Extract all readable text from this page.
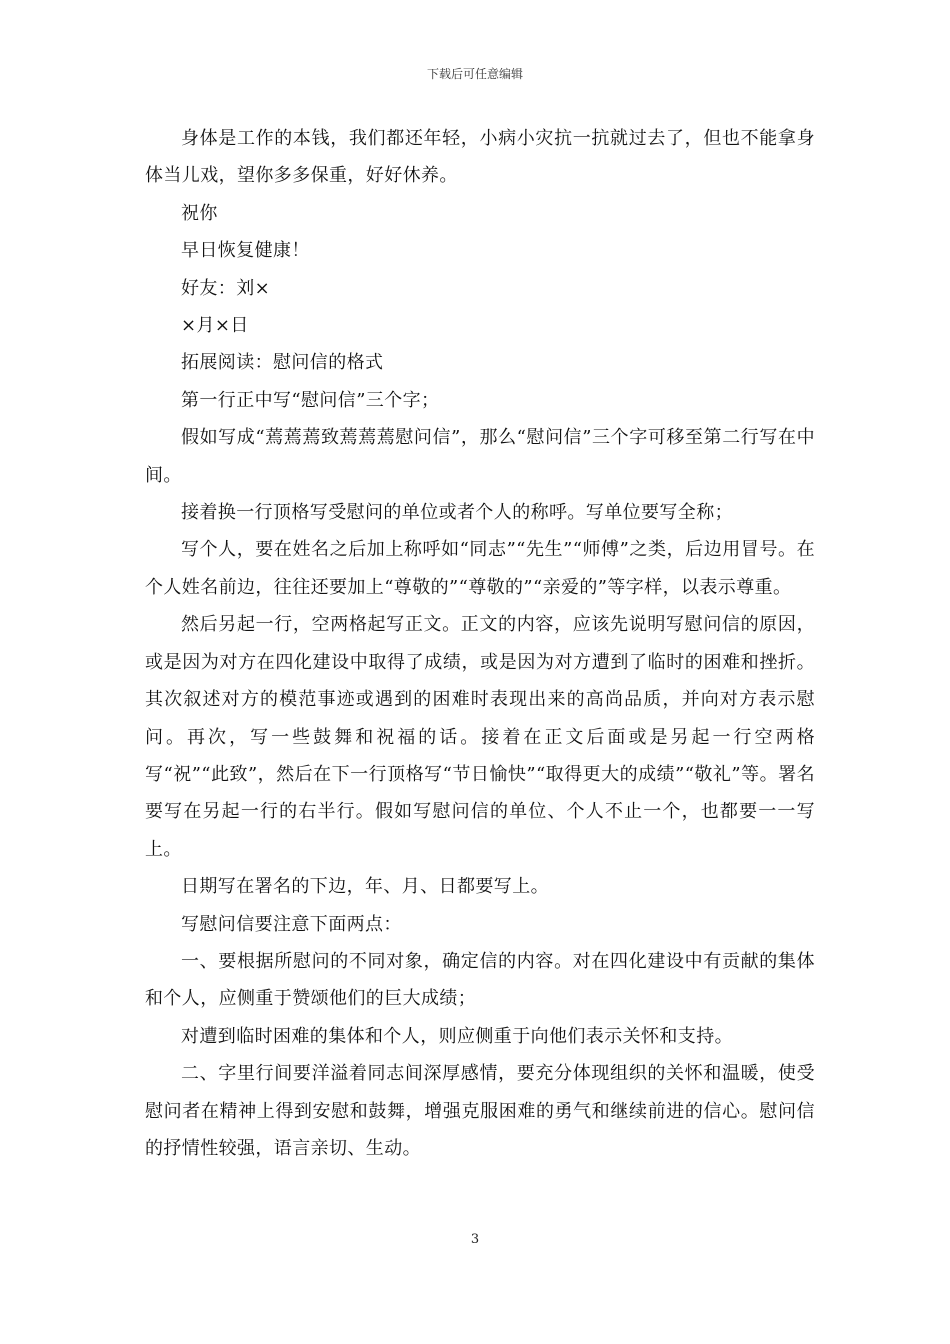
下载后可任意编辑

身体是工作的本钱，我们都还年轻，小病小灾抗一抗就过去了，但也不能拿身体当儿戏，望你多多保重，好好休养。

祝你

早日恢复健康！

好友：刘×

×月×日

拓展阅读：慰问信的格式

第一行正中写“慰问信”三个字；

假如写成“蔫蔫蔫致蔫蔫蔫慰问信”，那么“慰问信”三个字可移至第二行写在中间。

接着换一行顶格写受慰问的单位或者个人的称呼。写单位要写全称；

写个人，要在姓名之后加上称呼如“同志”“先生”“师傅”之类，后边用冒号。在个人姓名前边，往往还要加上“尊敬的”“尊敬的”“亲爱的”等字样，以表示尊重。

然后另起一行，空两格起写正文。正文的内容，应该先说明写慰问信的原因，或是因为对方在四化建设中取得了成绩，或是因为对方遭到了临时的困难和挫折。其次叙述对方的模范事迹或遇到的困难时表现出来的高尚品质，并向对方表示慰问。再次，写一些鼓舞和祝福的话。接着在正文后面或是另起一行空两格写“祝”“此致”，然后在下一行顶格写“节日愉快”“取得更大的成绩”“敬礼”等。署名要写在另起一行的右半行。假如写慰问信的单位、个人不止一个，也都要一一写上。

日期写在署名的下边，年、月、日都要写上。

写慰问信要注意下面两点：

一、要根据所慰问的不同对象，确定信的内容。对在四化建设中有贡献的集体和个人，应侧重于赞颂他们的巨大成绩；

对遭到临时困难的集体和个人，则应侧重于向他们表示关怀和支持。

二、字里行间要洋溢着同志间深厚感情，要充分体现组织的关怀和温暖，使受慰问者在精神上得到安慰和鼓舞，增强克服困难的勇气和继续前进的信心。慰问信的抒情性较强，语言亲切、生动。

3
